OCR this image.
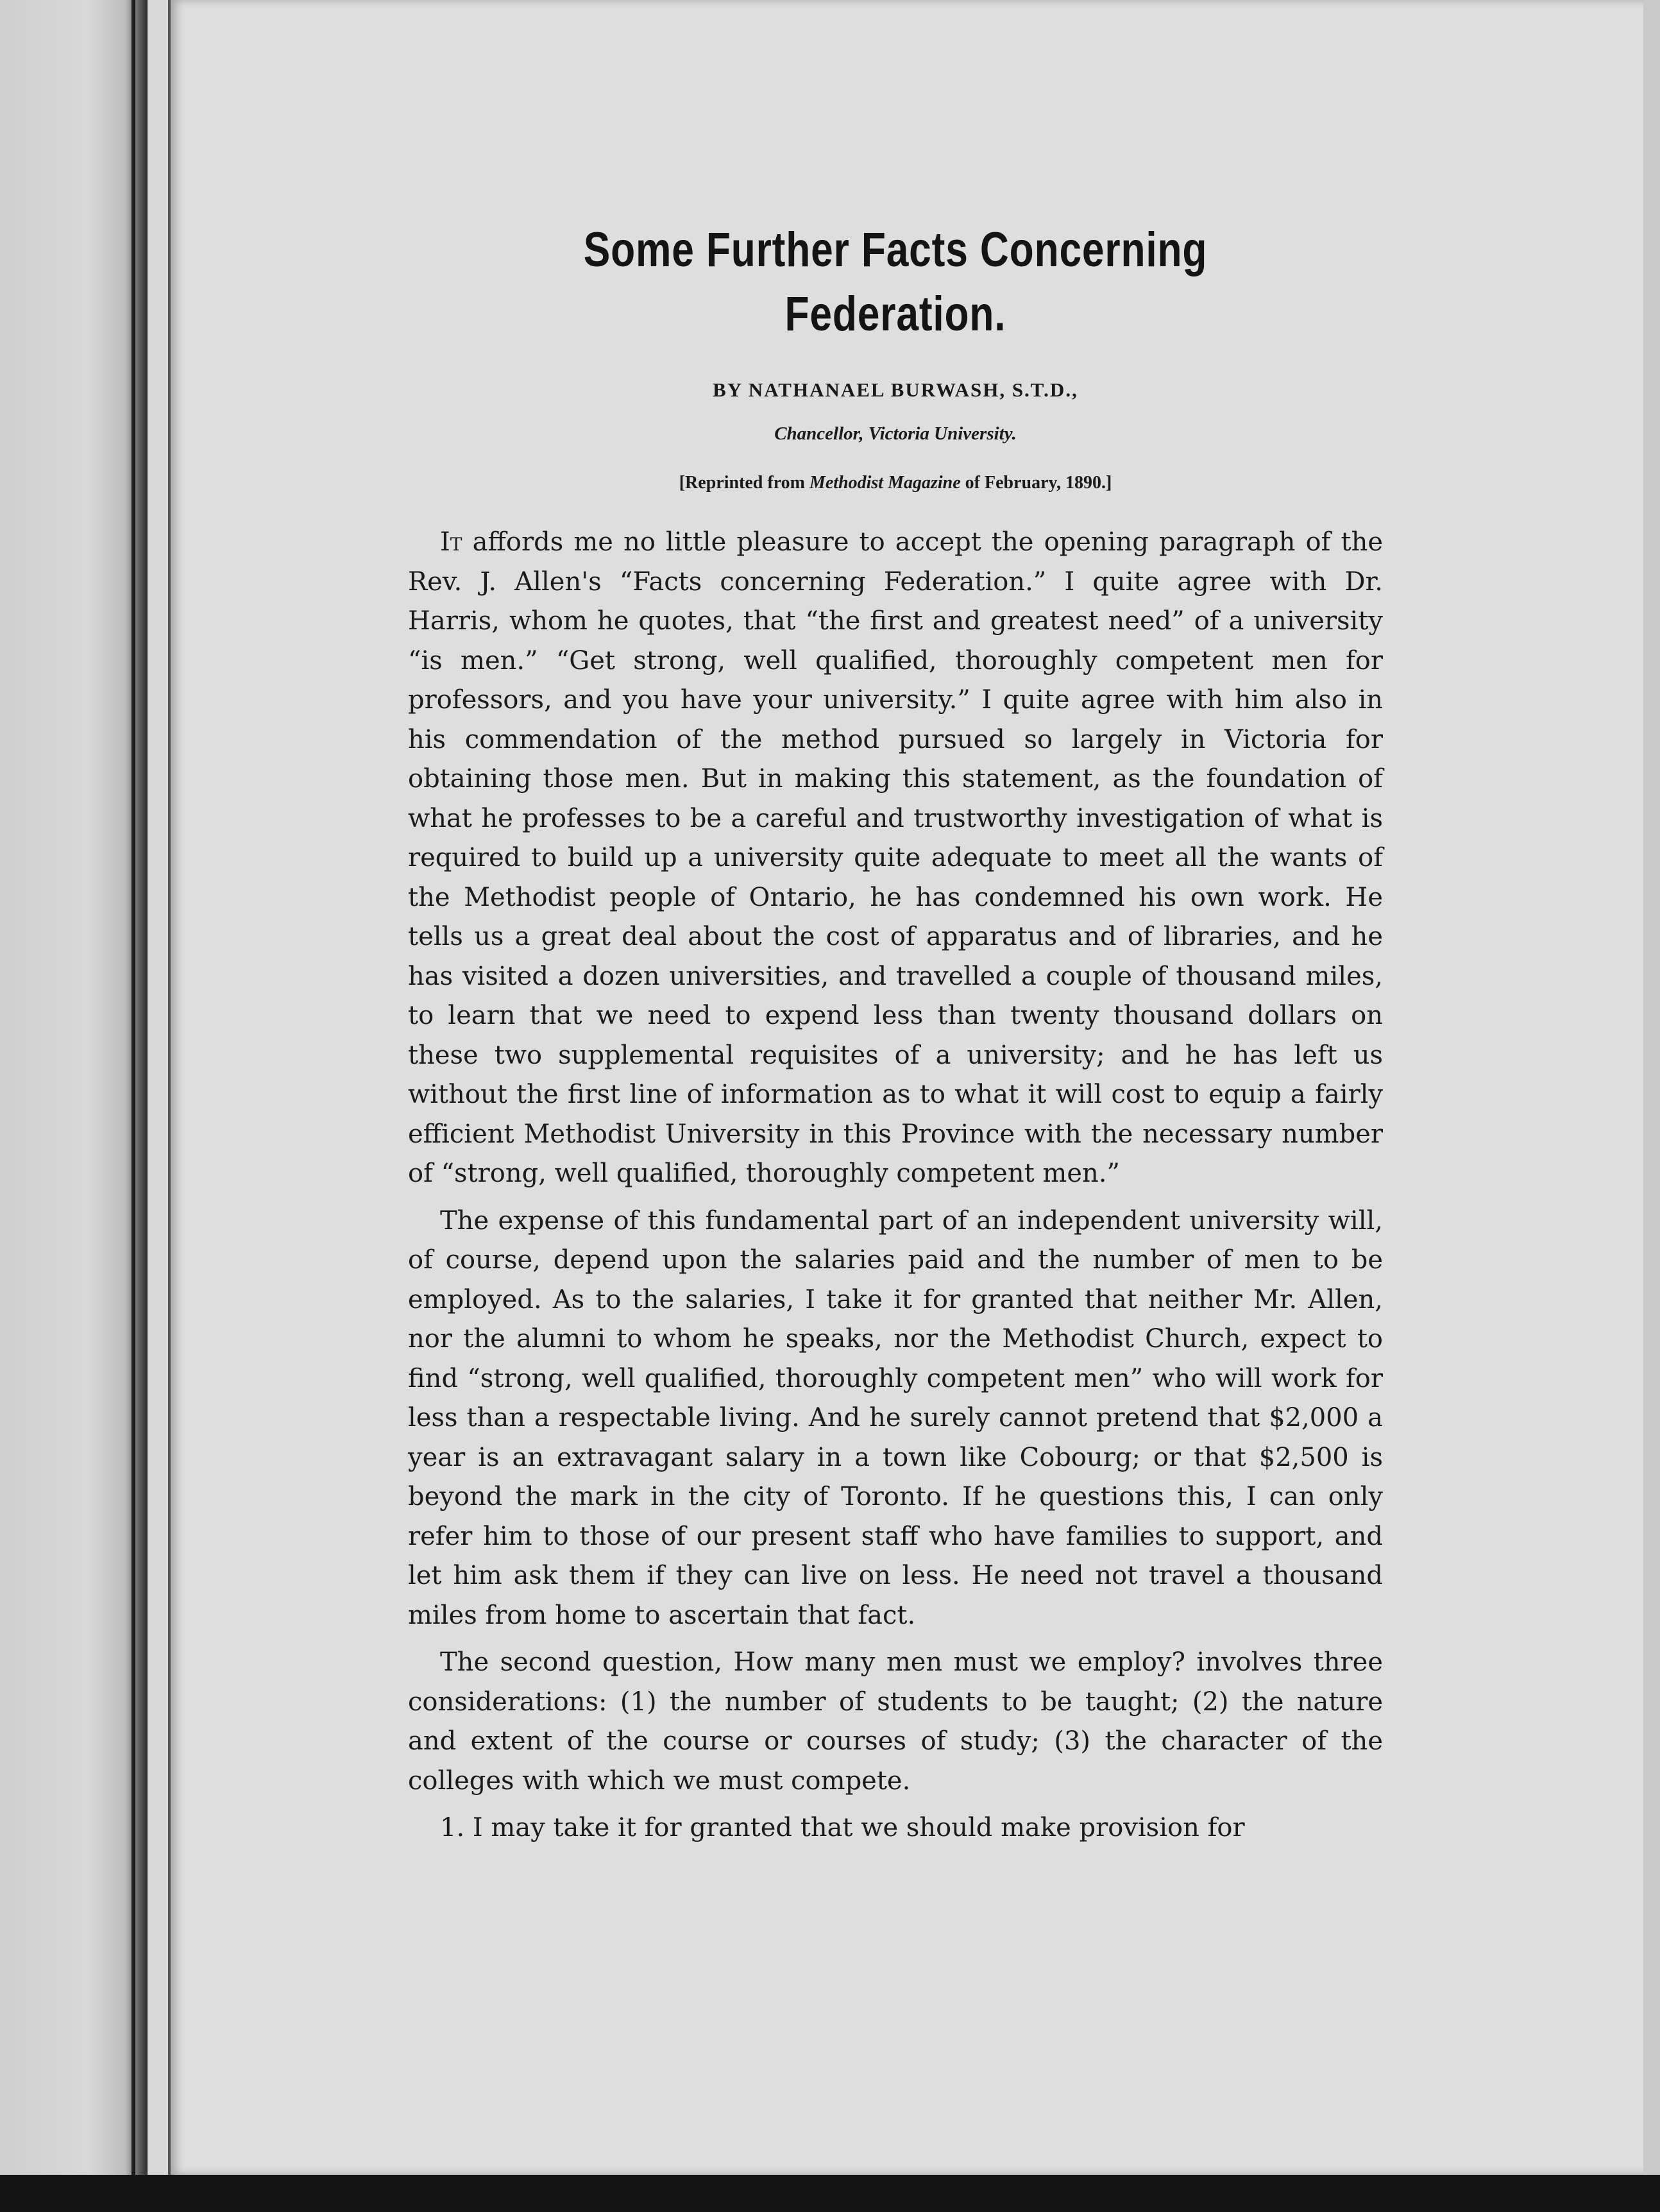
Some Further Facts Concerning Federation.
BY NATHANAEL BURWASH, S.T.D.,
Chancellor, Victoria University.
[Reprinted from Methodist Magazine of February, 1890.]

It affords me no little pleasure to accept the opening paragraph of the Rev. J. Allen's “Facts concerning Federation.” I quite agree with Dr. Harris, whom he quotes, that “the first and greatest need” of a university “is men.” “Get strong, well qualified, thoroughly competent men for professors, and you have your university.” I quite agree with him also in his commendation of the method pursued so largely in Victoria for obtaining those men. But in making this statement, as the foundation of what he professes to be a careful and trustworthy investigation of what is required to build up a university quite adequate to meet all the wants of the Methodist people of Ontario, he has condemned his own work. He tells us a great deal about the cost of apparatus and of libraries, and he has visited a dozen universities, and travelled a couple of thousand miles, to learn that we need to expend less than twenty thousand dollars on these two supplemental requisites of a university; and he has left us without the first line of information as to what it will cost to equip a fairly efficient Methodist University in this Province with the necessary number of “strong, well qualified, thoroughly competent men.”

The expense of this fundamental part of an independent university will, of course, depend upon the salaries paid and the number of men to be employed. As to the salaries, I take it for granted that neither Mr. Allen, nor the alumni to whom he speaks, nor the Methodist Church, expect to find “strong, well qualified, thoroughly competent men” who will work for less than a respectable living. And he surely cannot pretend that $2,000 a year is an extravagant salary in a town like Cobourg; or that $2,500 is beyond the mark in the city of Toronto. If he questions this, I can only refer him to those of our present staff who have families to support, and let him ask them if they can live on less. He need not travel a thousand miles from home to ascertain that fact.

The second question, How many men must we employ? involves three considerations: (1) the number of students to be taught; (2) the nature and extent of the course or courses of study; (3) the character of the colleges with which we must compete.

1. I may take it for granted that we should make provision for
